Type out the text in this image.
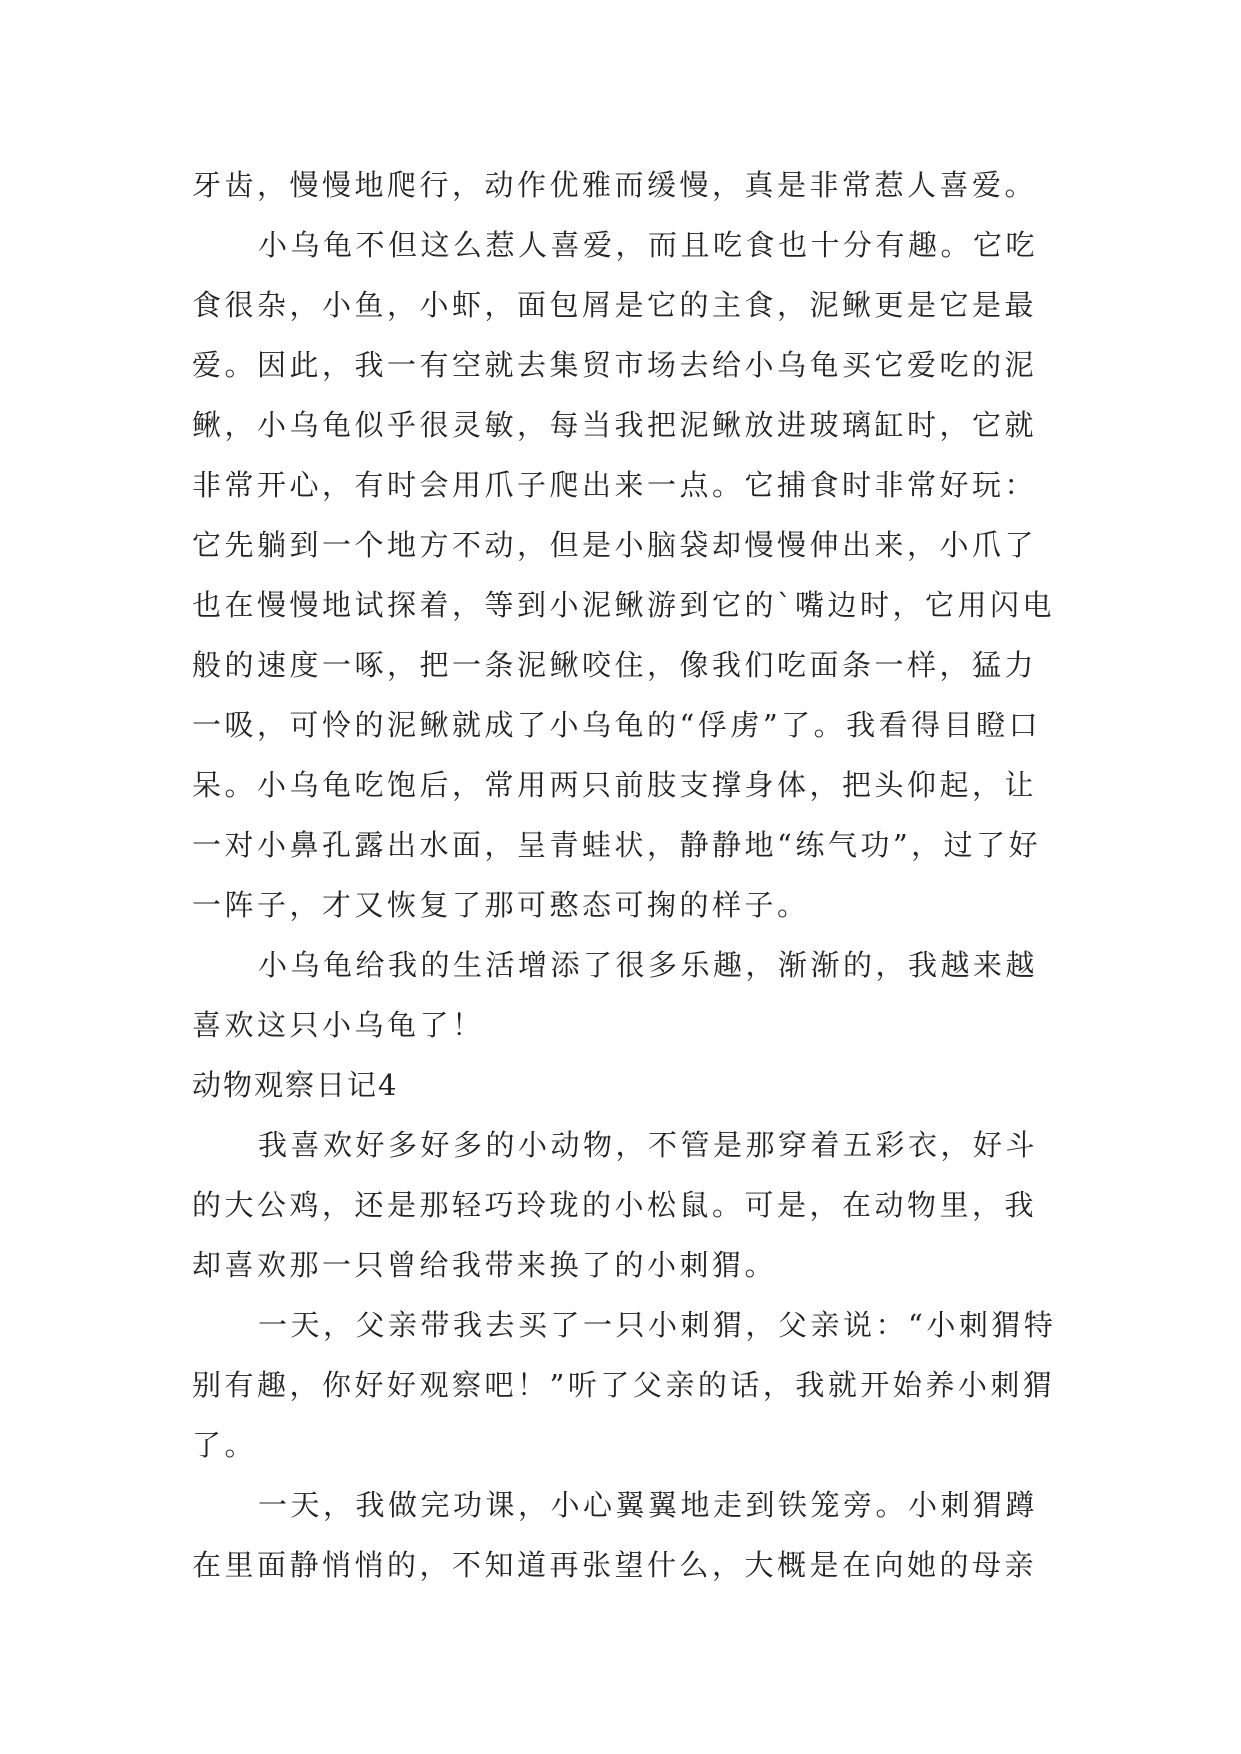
牙齿，慢慢地爬行，动作优雅而缓慢，真是非常惹人喜爱。

小乌龟不但这么惹人喜爱，而且吃食也十分有趣。它吃食很杂，小鱼，小虾，面包屑是它的主食，泥鳅更是它是最爱。因此，我一有空就去集贸市场去给小乌龟买它爱吃的泥鳅，小乌龟似乎很灵敏，每当我把泥鳅放进玻璃缸时，它就非常开心，有时会用爪子爬出来一点。它捕食时非常好玩：它先躺到一个地方不动，但是小脑袋却慢慢伸出来，小爪了也在慢慢地试探着，等到小泥鳅游到它的`嘴边时，它用闪电般的速度一啄，把一条泥鳅咬住，像我们吃面条一样，猛力一吸，可怜的泥鳅就成了小乌龟的“俘虏”了。我看得目瞪口呆。小乌龟吃饱后，常用两只前肢支撑身体，把头仰起，让一对小鼻孔露出水面，呈青蛙状，静静地“练气功”，过了好一阵子，才又恢复了那可憨态可掬的样子。

小乌龟给我的生活增添了很多乐趣，渐渐的，我越来越喜欢这只小乌龟了！

动物观察日记4

我喜欢好多好多的小动物，不管是那穿着五彩衣，好斗的大公鸡，还是那轻巧玲珑的小松鼠。可是，在动物里，我却喜欢那一只曾给我带来换了的小刺猬。

一天，父亲带我去买了一只小刺猬，父亲说：“小刺猬特别有趣，你好好观察吧！”听了父亲的话，我就开始养小刺猬了。

一天，我做完功课，小心翼翼地走到铁笼旁。小刺猬蹲在里面静悄悄的，不知道再张望什么，大概是在向她的母亲
